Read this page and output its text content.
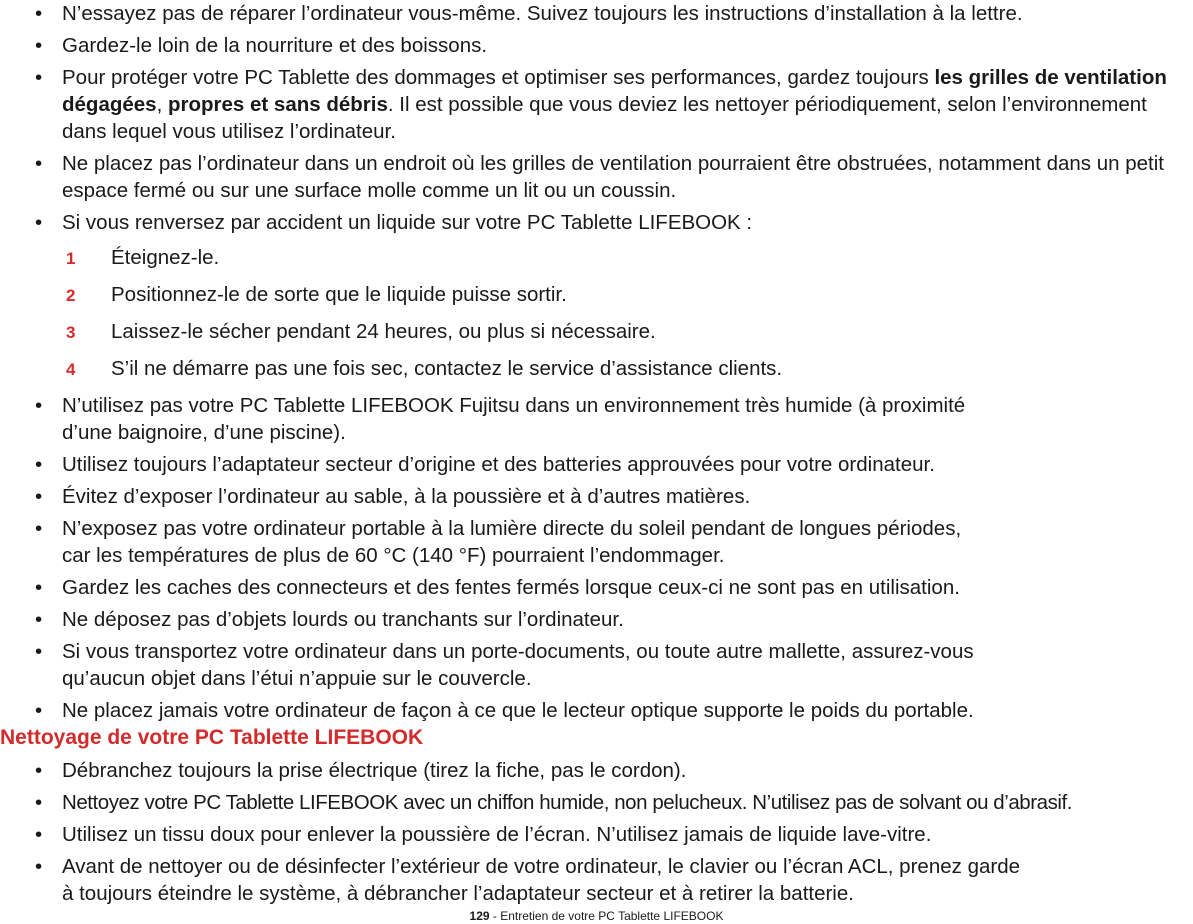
• N’essayez pas de réparer l’ordinateur vous-même. Suivez toujours les instructions d’installation à la lettre.
• Gardez-le loin de la nourriture et des boissons.
• Pour protéger votre PC Tablette des dommages et optimiser ses performances, gardez toujours les grilles de ventilation dégagées, propres et sans débris. Il est possible que vous deviez les nettoyer périodiquement, selon l’environnement dans lequel vous utilisez l’ordinateur.
• Ne placez pas l’ordinateur dans un endroit où les grilles de ventilation pourraient être obstruées, notamment dans un petit espace fermé ou sur une surface molle comme un lit ou un coussin.
• Si vous renversez par accident un liquide sur votre PC Tablette LIFEBOOK :
1 Éteignez-le.
2 Positionnez-le de sorte que le liquide puisse sortir.
3 Laissez-le sécher pendant 24 heures, ou plus si nécessaire.
4 S’il ne démarre pas une fois sec, contactez le service d’assistance clients.
• N’utilisez pas votre PC Tablette LIFEBOOK Fujitsu dans un environnement très humide (à proximité
d’une baignoire, d’une piscine).
• Utilisez toujours l’adaptateur secteur d’origine et des batteries approuvées pour votre ordinateur.
• Évitez d’exposer l’ordinateur au sable, à la poussière et à d’autres matières.
• N’exposez pas votre ordinateur portable à la lumière directe du soleil pendant de longues périodes,
car les températures de plus de 60 °C (140 °F) pourraient l’endommager.
• Gardez les caches des connecteurs et des fentes fermés lorsque ceux-ci ne sont pas en utilisation.
• Ne déposez pas d’objets lourds ou tranchants sur l’ordinateur.
• Si vous transportez votre ordinateur dans un porte-documents, ou toute autre mallette, assurez-vous
qu’aucun objet dans l’étui n’appuie sur le couvercle.
• Ne placez jamais votre ordinateur de façon à ce que le lecteur optique supporte le poids du portable.
Nettoyage de votre PC Tablette LIFEBOOK
• Débranchez toujours la prise électrique (tirez la fiche, pas le cordon).
• Nettoyez votre PC Tablette LIFEBOOK avec un chiffon humide, non pelucheux. N’utilisez pas de solvant ou d’abrasif.
• Utilisez un tissu doux pour enlever la poussière de l’écran. N’utilisez jamais de liquide lave-vitre.
• Avant de nettoyer ou de désinfecter l’extérieur de votre ordinateur, le clavier ou l’écran ACL, prenez garde
à toujours éteindre le système, à débrancher l’adaptateur secteur et à retirer la batterie.
129 - Entretien de votre PC Tablette LIFEBOOK
